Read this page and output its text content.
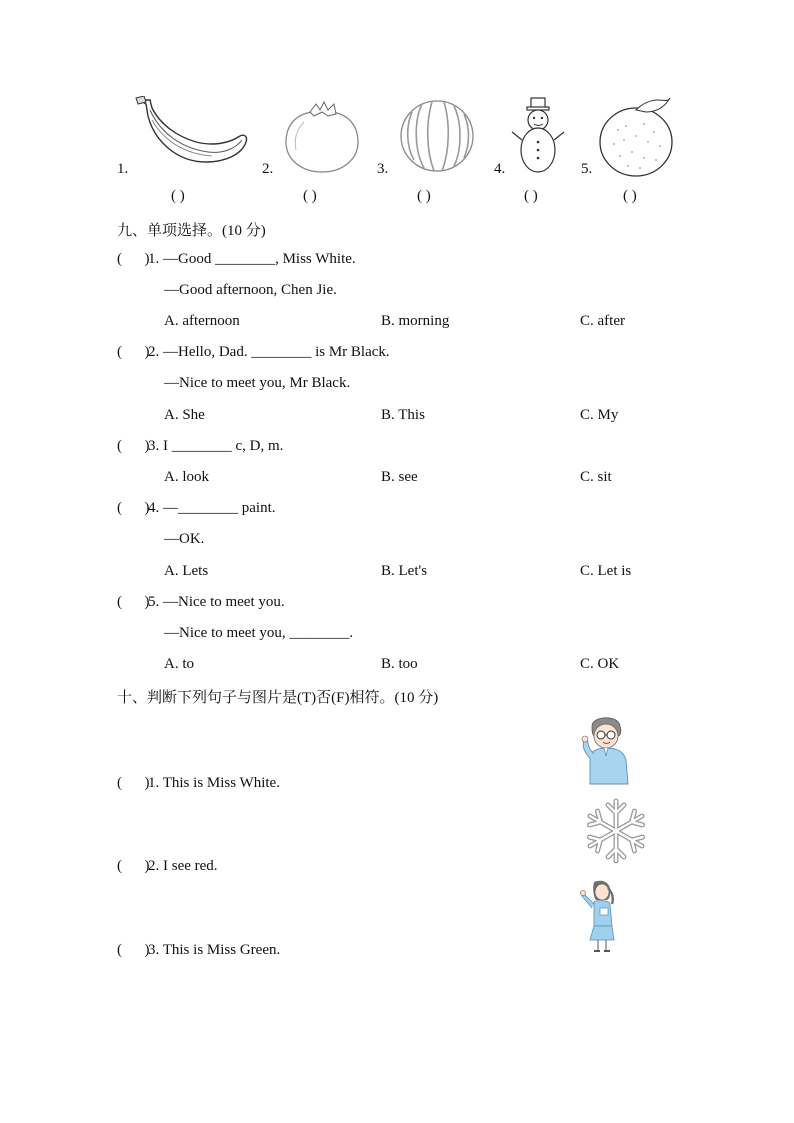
1.
( )
2.
( )
3.
( )
4.
( )
5.
( )
九、单项选择。(10 分)
(      )
1. —Good ________, Miss White.
—Good afternoon, Chen Jie.
A. afternoon	B. morning	C. after
(      )
2. —Hello, Dad. ________ is Mr Black.
—Nice to meet you, Mr Black.
A. She	B. This	C. My
(      )
3. I ________ c, D, m.
A. look	B. see	C. sit
(      )
4. —________ paint.
—OK.
A. Lets	B. Let's	C. Let is
(      )
5. —Nice to meet you.
—Nice to meet you, ________.
A. to	B. too	C. OK
十、判断下列句子与图片是(T)否(F)相符。(10 分)
(      )
1. This is Miss White.
(      )
2. I see red.
(      )
3. This is Miss Green.
